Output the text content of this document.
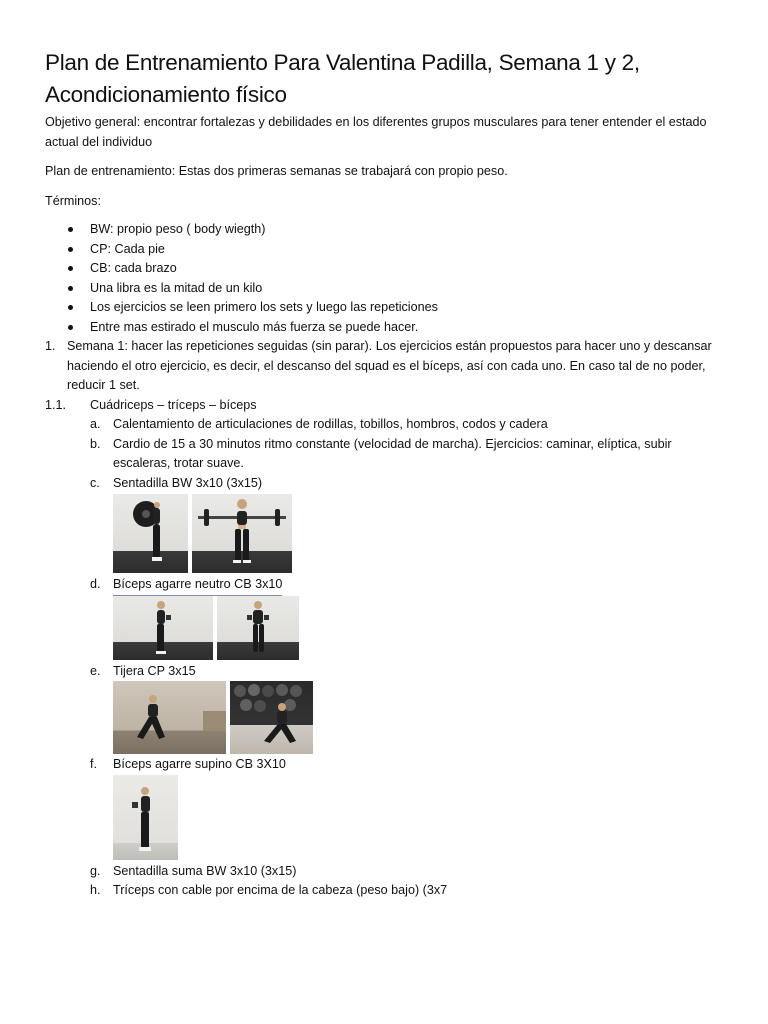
Plan de Entrenamiento Para Valentina Padilla, Semana 1 y 2, Acondicionamiento físico

Objetivo general: encontrar fortalezas y debilidades en los diferentes grupos musculares para tener entender el estado actual del individuo

Plan de entrenamiento: Estas dos primeras semanas se trabajará con propio peso.

Términos:

BW: propio peso ( body wiegth)
CP: Cada pie
CB: cada brazo
Una libra es la mitad de un kilo
Los ejercicios se leen primero los sets y luego las repeticiones
Entre mas estirado el musculo más fuerza se puede hacer.
1. Semana 1: hacer las repeticiones seguidas (sin parar). Los ejercicios están propuestos para hacer uno y descansar haciendo el otro ejercicio, es decir, el descanso del squad es el bíceps, así con cada uno. En caso tal de no poder, reducir 1 set.
1.1. Cuádriceps – tríceps – bíceps
a. Calentamiento de articulaciones de rodillas, tobillos, hombros, codos y cadera
b. Cardio de 15 a 30 minutos ritmo constante (velocidad de marcha). Ejercicios: caminar, elíptica, subir escaleras, trotar suave.
c. Sentadilla BW 3x10 (3x15)
d. Bíceps agarre neutro CB 3x10
e. Tijera CP 3x15
f. Bíceps agarre supino CB 3X10
g. Sentadilla suma BW 3x10 (3x15)
h. Tríceps con cable por encima de la cabeza (peso bajo) (3x7
